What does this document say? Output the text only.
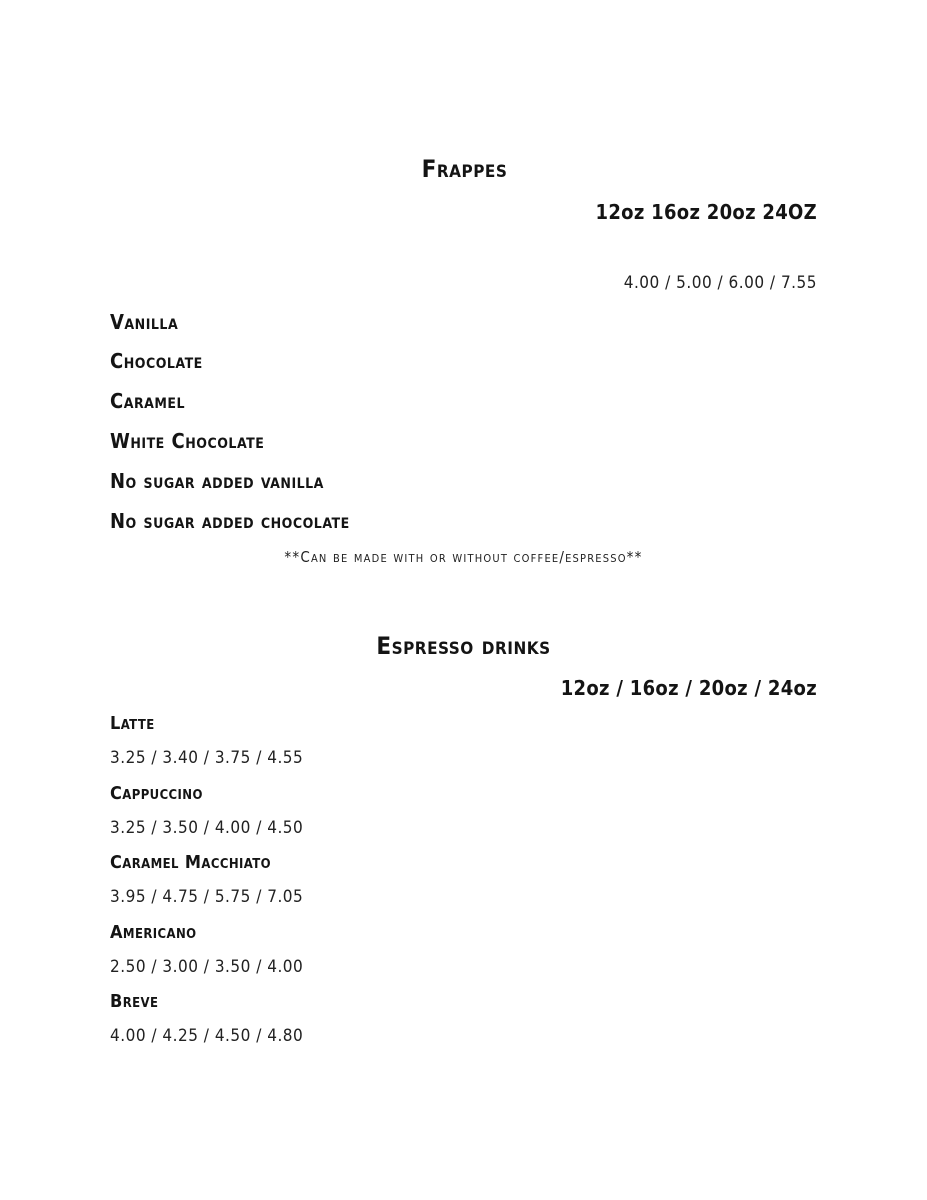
Frappes
12oz 16oz 20oz 24OZ
4.00 / 5.00 / 6.00 / 7.55
Vanilla
Chocolate
Caramel
White Chocolate
No sugar added vanilla
No sugar added chocolate
**Can be made with or without coffee/espresso**
Espresso drinks
12oz / 16oz / 20oz / 24oz
Latte
3.25 / 3.40 / 3.75 / 4.55
Cappuccino
3.25 / 3.50 / 4.00 / 4.50
Caramel Macchiato
3.95 / 4.75 / 5.75 / 7.05
Americano
2.50 / 3.00 / 3.50 / 4.00
Breve
4.00 / 4.25 / 4.50 / 4.80
